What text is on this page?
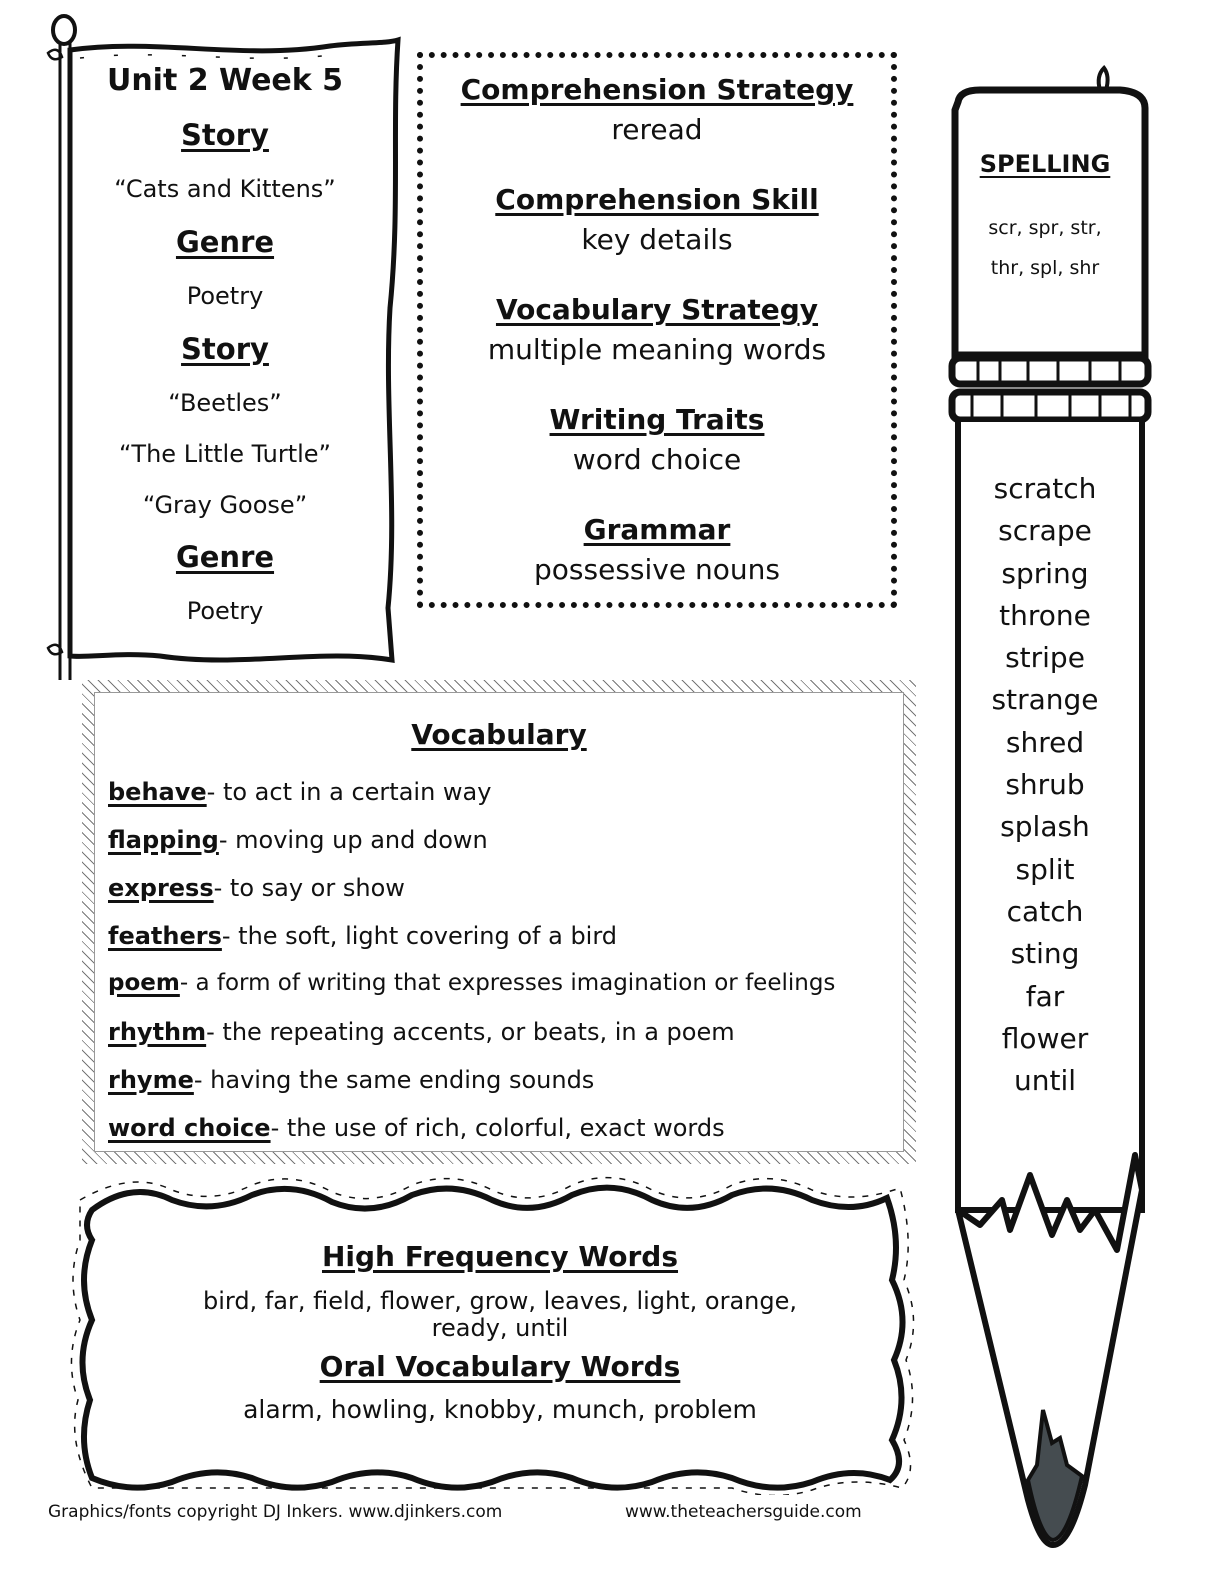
Unit 2 Week 5
Story
“Cats and Kittens”
Genre
Poetry
Story
“Beetles”
“The Little Turtle”
“Gray Goose”
Genre
Poetry
Comprehension Strategy
reread
Comprehension Skill
key details
Vocabulary Strategy
multiple meaning words
Writing Traits
word choice
Grammar
possessive nouns
Vocabulary
behave- to act in a certain way
flapping- moving up and down
express- to say or show
feathers- the soft, light covering of a bird
poem- a form of writing that expresses imagination or feelings
rhythm- the repeating accents, or beats, in a poem
rhyme- having the same ending sounds
word choice- the use of rich, colorful, exact words
High Frequency Words
bird, far, field, flower, grow, leaves, light, orange,
ready, until
Oral Vocabulary Words
alarm, howling, knobby, munch, problem
SPELLING
scr, spr, str,
thr, spl, shr
scratch
scrape
spring
throne
stripe
strange
shred
shrub
splash
split
catch
sting
far
flower
until
Graphics/fonts copyright DJ Inkers. www.djinkers.com	www.theteachersguide.com
